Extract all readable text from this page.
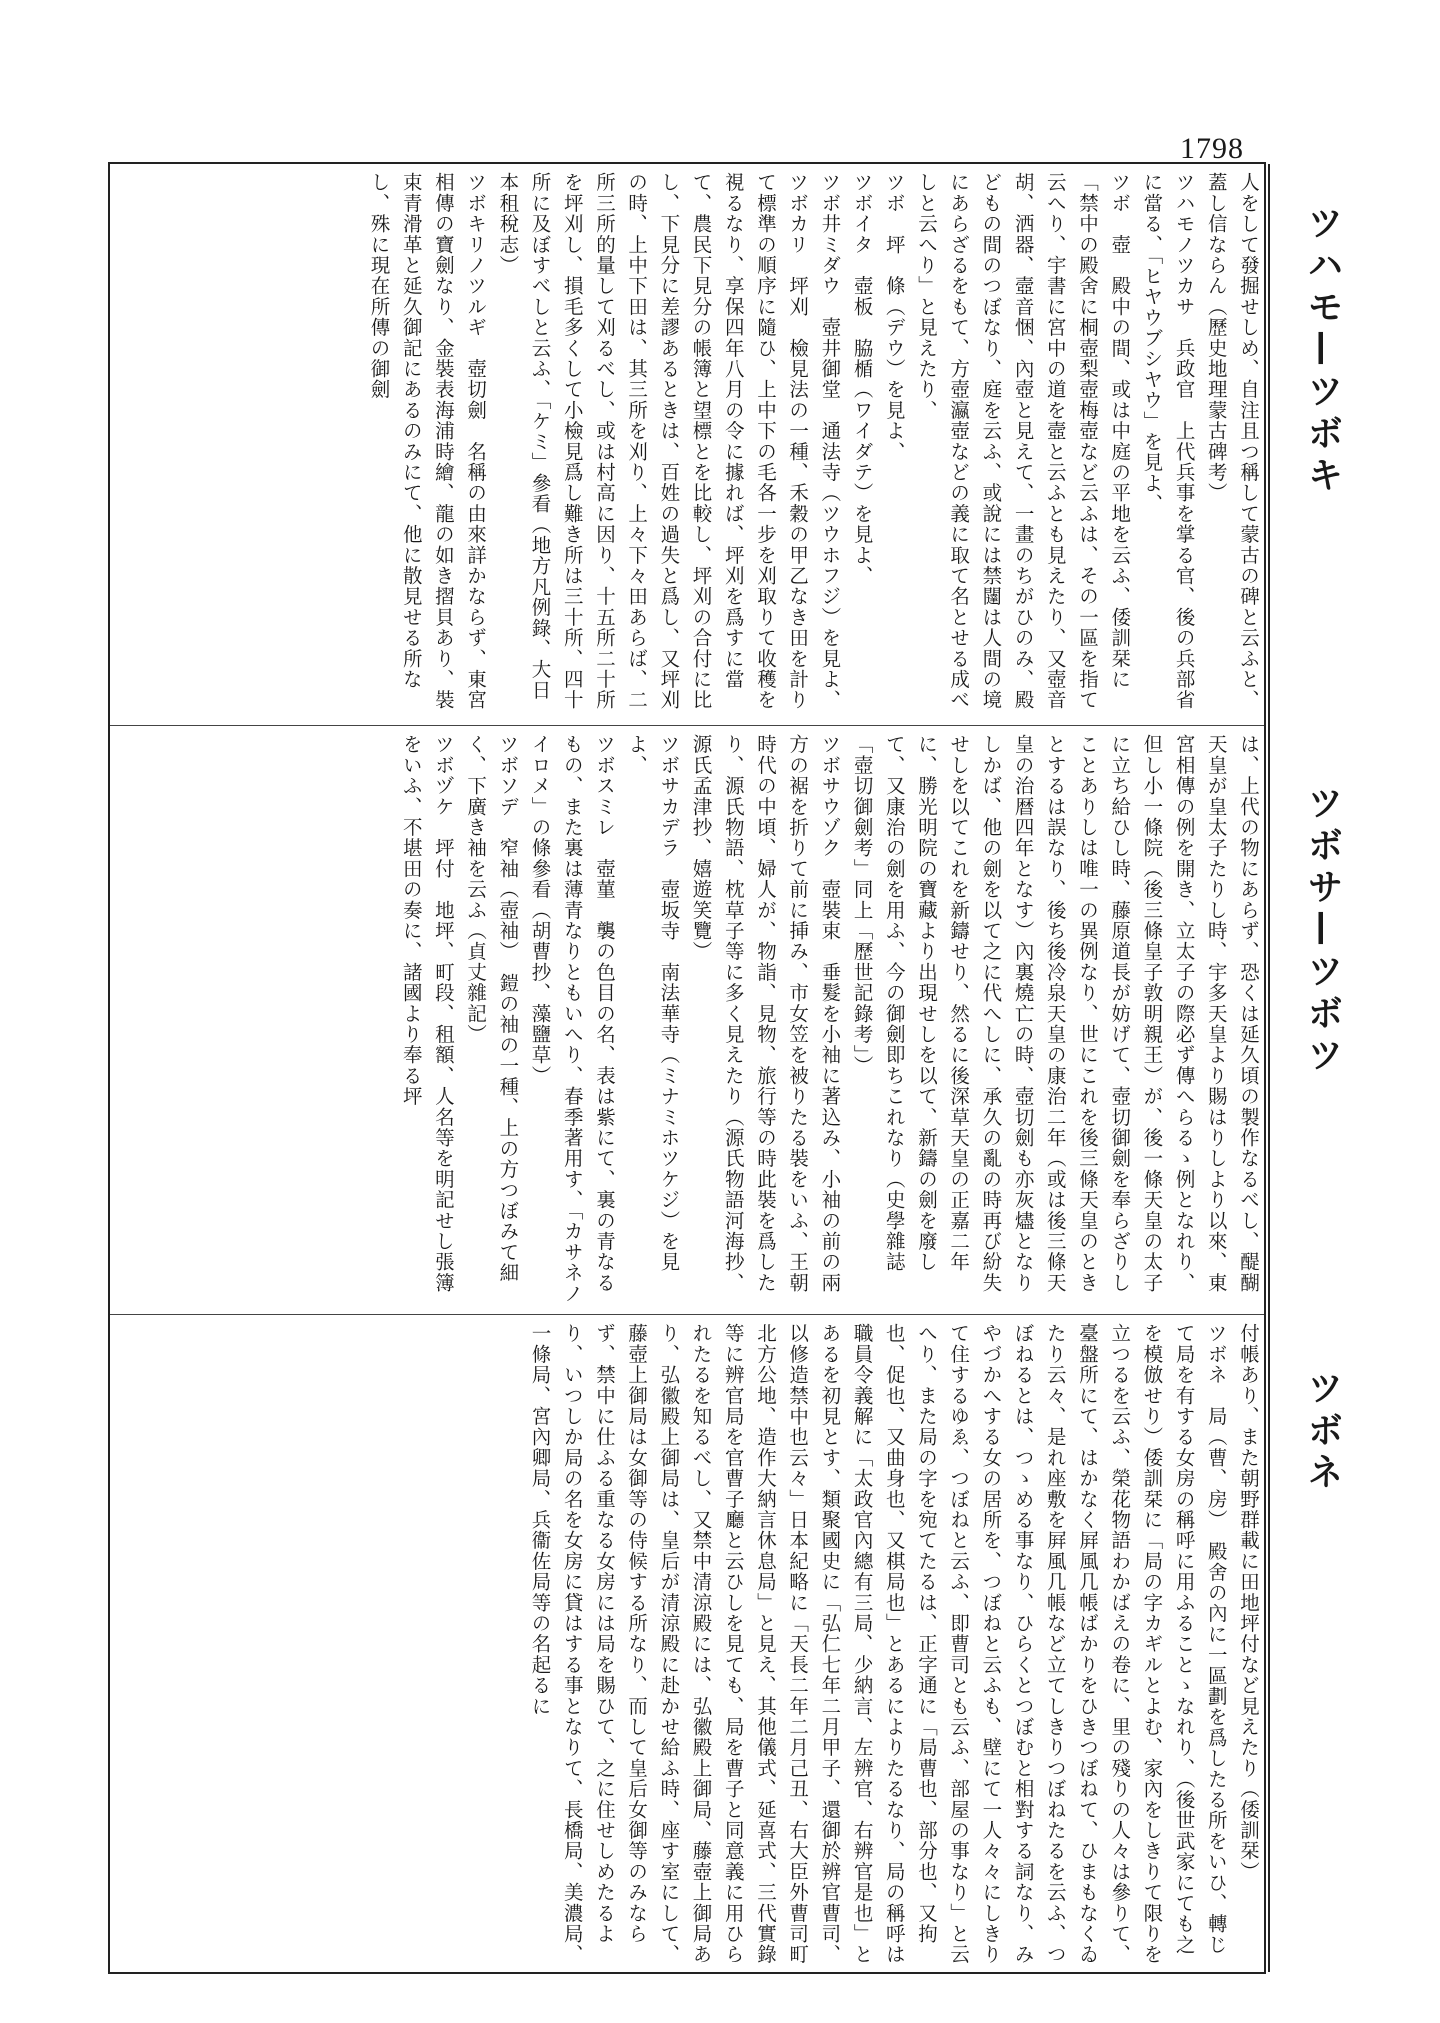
1798
ツハモ—ツボキ
ツボサ—ツボツ
ツボネ
人をして發掘せしめ、自注且つ稱して蒙古の碑と云ふと、蓋し信ならん（歷史地理蒙古碑考）
ツハモノツカサ　兵政官　上代兵事を掌る官、後の兵部省に當る、「ヒヤウブシヤウ」を見よ、
ツボ　壺　殿中の間、或は中庭の平地を云ふ、倭訓栞に「禁中の殿舍に桐壺梨壺梅壺など云ふは、その一區を指て云へり、宇書に宮中の道を壼と云ふとも見えたり、又壺音胡、洒器、壼音悃、內壺と見えて、一畫のちがひのみ、殿どもの間のつぼなり、庭を云ふ、或說には禁闥は人間の境にあらざるをもて、方壺瀛壺などの義に取て名とせる成べしと云へり」と見えたり、
ツボ　坪　條（デウ）を見よ、
ツボイタ　壺板　脇楯（ワイダテ）を見よ、
ツボ井ミダウ　壺井御堂　通法寺（ツウホフジ）を見よ、
ツボカリ　坪刈　檢見法の一種、禾穀の甲乙なき田を計りて標準の順序に隨ひ、上中下の毛各一步を刈取りて收穫を視るなり、享保四年八月の令に據れば、坪刈を爲すに當て、農民下見分の帳簿と望標とを比較し、坪刈の合付に比し、下見分に差謬あるときは、百姓の過失と爲し、又坪刈の時、上中下田は、其三所を刈り、上々下々田あらば、二所三所的量して刈るべし、或は村高に因り、十五所二十所を坪刈し、損毛多くして小檢見爲し難き所は三十所、四十所に及ぼすべしと云ふ、「ケミ」參看（地方凡例錄、大日本租稅志）
ツボキリノツルギ　壺切劍　名稱の由來詳かならず、東宮相傳の寶劍なり、金裝表海浦時繪、龍の如き摺貝あり、裝束青滑革と延久御記にあるのみにて、他に散見せる所なし、殊に現在所傳の御劍
は、上代の物にあらず、恐くは延久頃の製作なるべし、醍醐天皇が皇太子たりし時、宇多天皇より賜はりしより以來、東宮相傳の例を開き、立太子の際必ず傳へらるゝ例となれり、但し小一條院（後三條皇子敦明親王）が、後一條天皇の太子に立ち給ひし時、藤原道長が妨げて、壺切御劍を奉らざりしことありしは唯一の異例なり、世にこれを後三條天皇のときとするは誤なり、後ち後冷泉天皇の康治二年（或は後三條天皇の治暦四年となす）內裏燒亡の時、壺切劍も亦灰燼となりしかば、他の劍を以て之に代へしに、承久の亂の時再び紛失せしを以てこれを新鑄せり、然るに後深草天皇の正嘉二年に、勝光明院の寶藏より出現せしを以て、新鑄の劍を廢して、又康治の劍を用ふ、今の御劍即ちこれなり（史學雜誌「壺切御劍考」同上「歷世記錄考」）
ツボサウゾク　壺裝束　垂髮を小袖に著込み、小袖の前の兩方の裾を折りて前に挿み、市女笠を被りたる裝をいふ、王朝時代の中頃、婦人が、物詣、見物、旅行等の時此裝を爲したり、源氏物語、枕草子等に多く見えたり（源氏物語河海抄、源氏孟津抄、嬉遊笑覽）
ツボサカデラ　壺坂寺　南法華寺（ミナミホツケジ）を見よ、
ツボスミレ　壺菫　襲の色目の名、表は紫にて、裏の青なるもの、また裏は薄青なりともいへり、春季著用す、「カサネノイロメ」の條參看（胡曹抄、藻鹽草）
ツボソデ　窄袖（壺袖）　鎧の袖の一種、上の方つぼみて細く、下廣き袖を云ふ（貞丈雜記）
ツボヅケ　坪付　地坪、町段、租額、人名等を明記せし張簿をいふ、不堪田の奏に、諸國より奉る坪
付帳あり、また朝野群載に田地坪付など見えたり（倭訓栞）
ツボネ　局（曹、房）　殿舍の內に一區劃を爲したる所をいひ、轉じて局を有する女房の稱呼に用ふることゝなれり、（後世武家にても之を模倣せり）倭訓栞に「局の字カギルとよむ、家內をしきりて限りを立つるを云ふ、榮花物語わかばえの卷に、里の殘りの人々は參りて、臺盤所にて、はかなく屛風几帳ばかりをひきつぼねて、ひまもなくゐたり云々、是れ座敷を屛風几帳など立てしきりつぼねたるを云ふ、つぼねるとは、つゝめる事なり、ひらくとつぼむと相對する詞なり、みやづかへする女の居所を、つぼねと云ふも、壁にて一人々々にしきりて住するゆゑ、つぼねと云ふ、即曹司とも云ふ、部屋の事なり」と云へり、また局の字を宛てたるは、正字通に「局曹也、部分也、又拘也、促也、又曲身也、又棋局也」とあるによりたるなり、局の稱呼は職員令義解に「太政官內總有三局、少納言、左辨官、右辨官是也」とあるを初見とす、類聚國史に「弘仁七年二月甲子、還御於辨官曹司、以修造禁中也云々」日本紀略に「天長二年二月己丑、右大臣外曹司町北方公地、造作大納言休息局」と見え、其他儀式、延喜式、三代實錄等に辨官局を官曹子廳と云ひしを見ても、局を曹子と同意義に用ひられたるを知るべし、又禁中清涼殿には、弘徽殿上御局、藤壺上御局あり、弘徽殿上御局は、皇后が清涼殿に赴かせ給ふ時、座す室にして、藤壺上御局は女御等の侍候する所なり、而して皇后女御等のみならず、禁中に仕ふる重なる女房には局を賜ひて、之に住せしめたるより、いつしか局の名を女房に貸はする事となりて、長橋局、美濃局、一條局、宮內卿局、兵衞佐局等の名起るに
